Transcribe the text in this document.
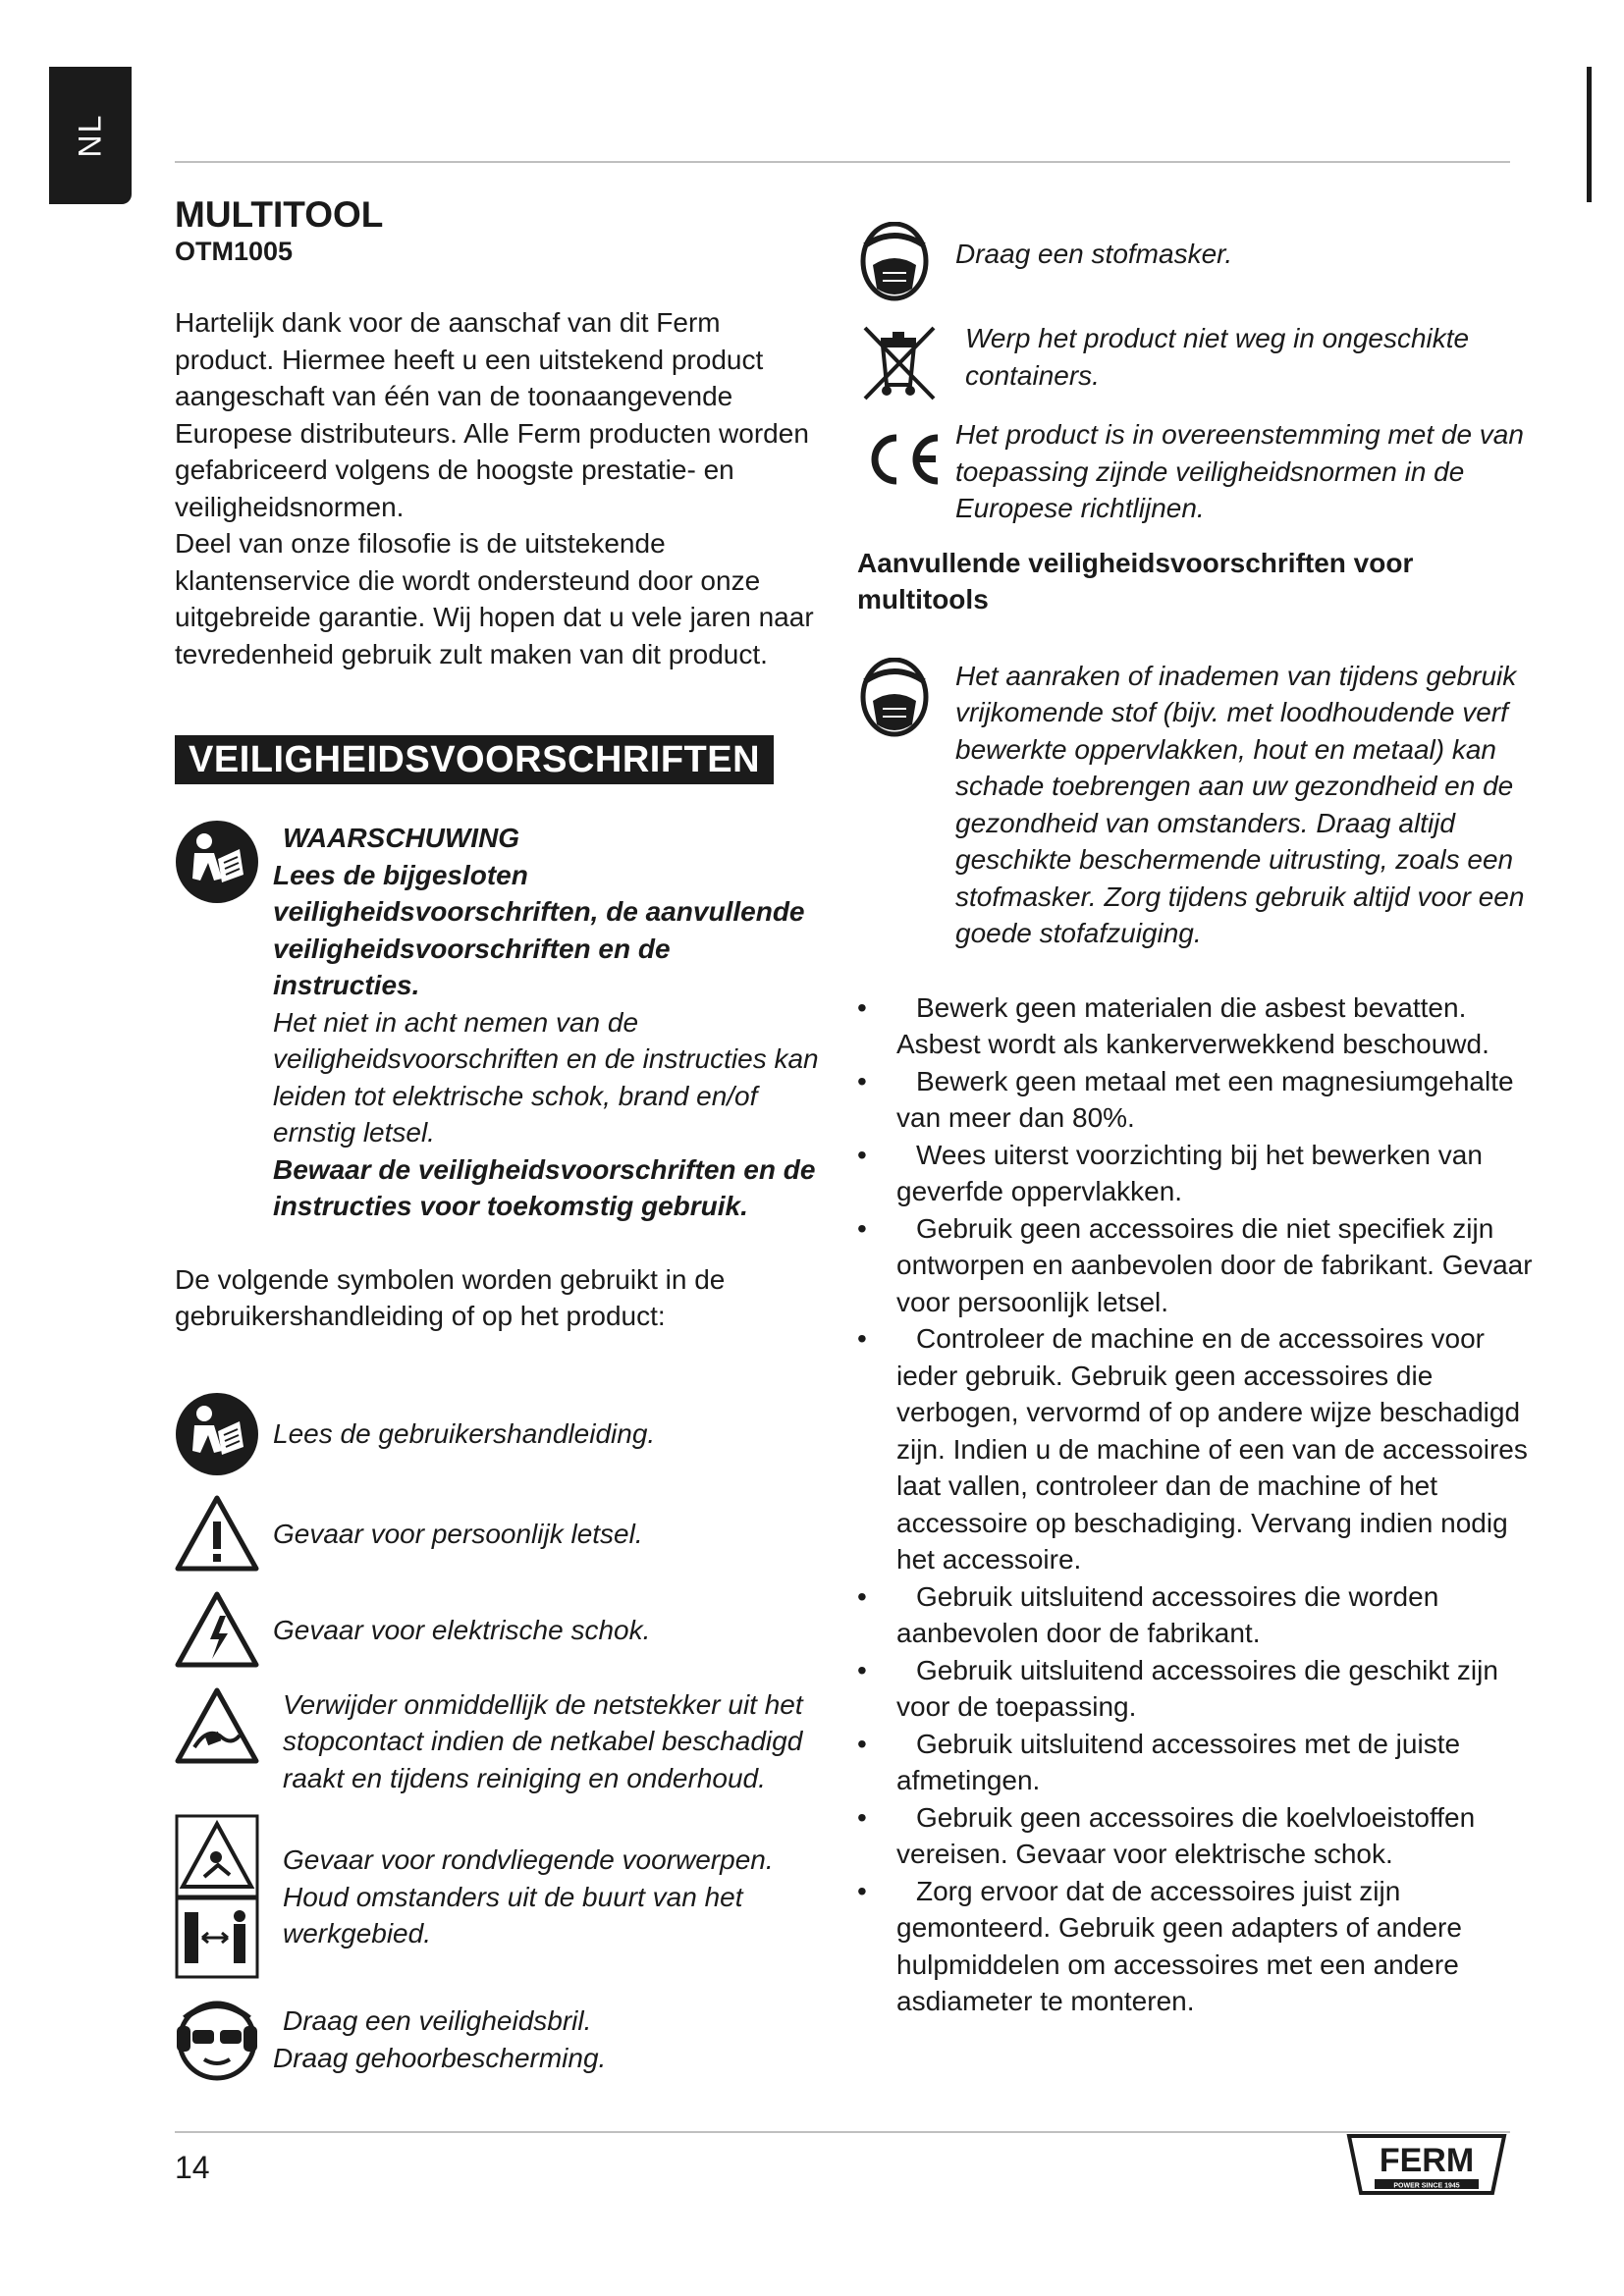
NL
MULTITOOL

OTM1005

Hartelijk dank voor de aanschaf van dit Ferm product. Hiermee heeft u een uitstekend product aangeschaft van één van de toonaangevende Europese distributeurs. Alle Ferm producten worden gefabriceerd volgens de hoogste prestatie- en veiligheidsnormen.

Deel van onze filosofie is de uitstekende klantenservice die wordt ondersteund door onze uitgebreide garantie. Wij hopen dat u vele jaren naar tevredenheid gebruik zult maken van dit product.

VEILIGHEIDSVOORSCHRIFTEN
WAARSCHUWING
Lees de bijgesloten veiligheidsvoorschriften, de aanvullende veiligheidsvoorschriften en de instructies.
Het niet in acht nemen van de veiligheidsvoorschriften en de instructies kan leiden tot elektrische schok, brand en/of ernstig letsel.
Bewaar de veiligheidsvoorschriften en de instructies voor toekomstig gebruik.

De volgende symbolen worden gebruikt in de gebruikershandleiding of op het product:

Lees de gebruikershandleiding.
Gevaar voor persoonlijk letsel.
Gevaar voor elektrische schok.
Verwijder onmiddellijk de netstekker uit het stopcontact indien de netkabel beschadigd raakt en tijdens reiniging en onderhoud.
Gevaar voor rondvliegende voorwerpen. Houd omstanders uit de buurt van het werkgebied.
Draag een veiligheidsbril.
Draag gehoorbescherming.
Draag een stofmasker.
Werp het product niet weg in ongeschikte containers.
Het product is in overeenstemming met de van toepassing zijnde veiligheidsnormen in de Europese richtlijnen.

Aanvullende veiligheidsvoorschriften voor multitools

Het aanraken of inademen van tijdens gebruik vrijkomende stof (bijv. met loodhoudende verf bewerkte oppervlakken, hout en metaal) kan schade toebrengen aan uw gezondheid en de gezondheid van omstanders. Draag altijd geschikte beschermende uitrusting, zoals een stofmasker. Zorg tijdens gebruik altijd voor een goede stofafzuiging.
• Bewerk geen materialen die asbest bevatten. Asbest wordt als kankerverwekkend beschouwd.
• Bewerk geen metaal met een magnesiumgehalte van meer dan 80%.
• Wees uiterst voorzichting bij het bewerken van geverfde oppervlakken.
• Gebruik geen accessoires die niet specifiek zijn ontworpen en aanbevolen door de fabrikant. Gevaar voor persoonlijk letsel.
• Controleer de machine en de accessoires voor ieder gebruik. Gebruik geen accessoires die verbogen, vervormd of op andere wijze beschadigd zijn. Indien u de machine of een van de accessoires laat vallen, controleer dan de machine of het accessoire op beschadiging. Vervang indien nodig het accessoire.
• Gebruik uitsluitend accessoires die worden aanbevolen door de fabrikant.
• Gebruik uitsluitend accessoires die geschikt zijn voor de toepassing.
• Gebruik uitsluitend accessoires met de juiste afmetingen.
• Gebruik geen accessoires die koelvloeistoffen vereisen. Gevaar voor elektrische schok.
• Zorg ervoor dat de accessoires juist zijn gemonteerd. Gebruik geen adapters of andere hulpmiddelen om accessoires met een andere asdiameter te monteren.
14	FERM
POWER SINCE 1945
